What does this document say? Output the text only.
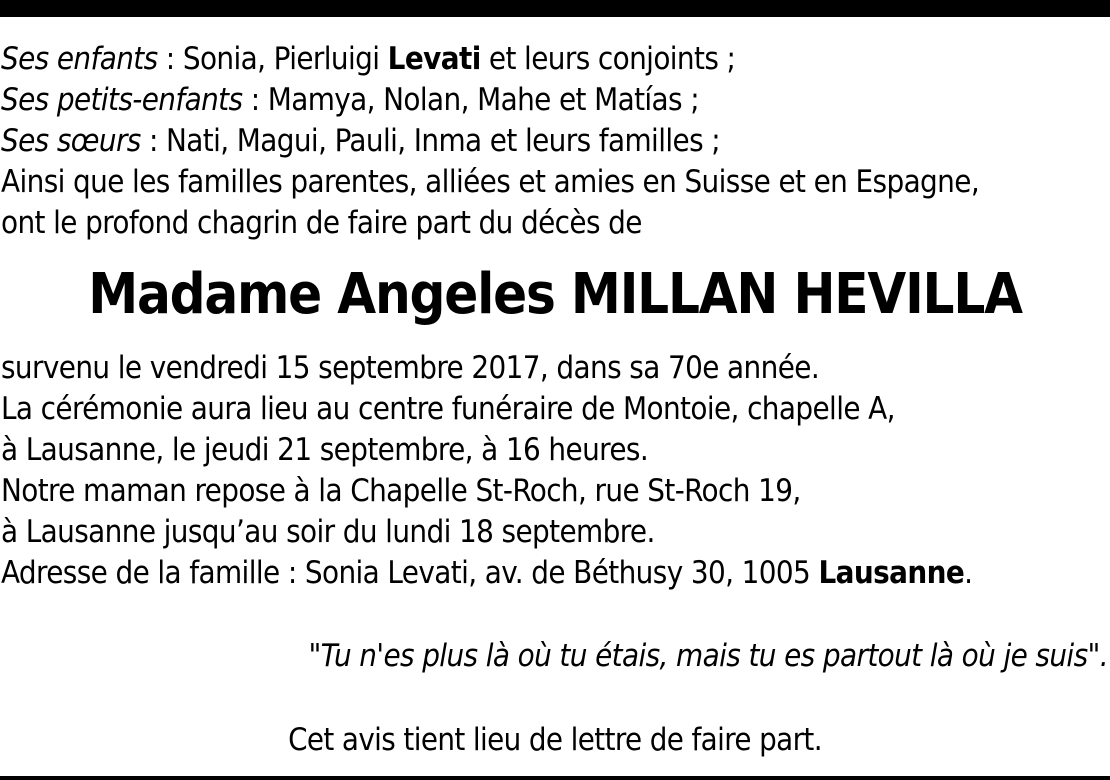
Ses enfants : Sonia, Pierluigi Levati et leurs conjoints ;
Ses petits-enfants : Mamya, Nolan, Mahe et Matías ;
Ses sœurs : Nati, Magui, Pauli, Inma et leurs familles ;
Ainsi que les familles parentes, alliées et amies en Suisse et en Espagne,
ont le profond chagrin de faire part du décès de
Madame Angeles MILLAN HEVILLA
survenu le vendredi 15 septembre 2017, dans sa 70e année.
La cérémonie aura lieu au centre funéraire de Montoie, chapelle A,
à Lausanne, le jeudi 21 septembre, à 16 heures.
Notre maman repose à la Chapelle St-Roch, rue St-Roch 19,
à Lausanne jusqu’au soir du lundi 18 septembre.
Adresse de la famille : Sonia Levati, av. de Béthusy 30, 1005 Lausanne.
"Tu n'es plus là où tu étais, mais tu es partout là où je suis".
Cet avis tient lieu de lettre de faire part.
